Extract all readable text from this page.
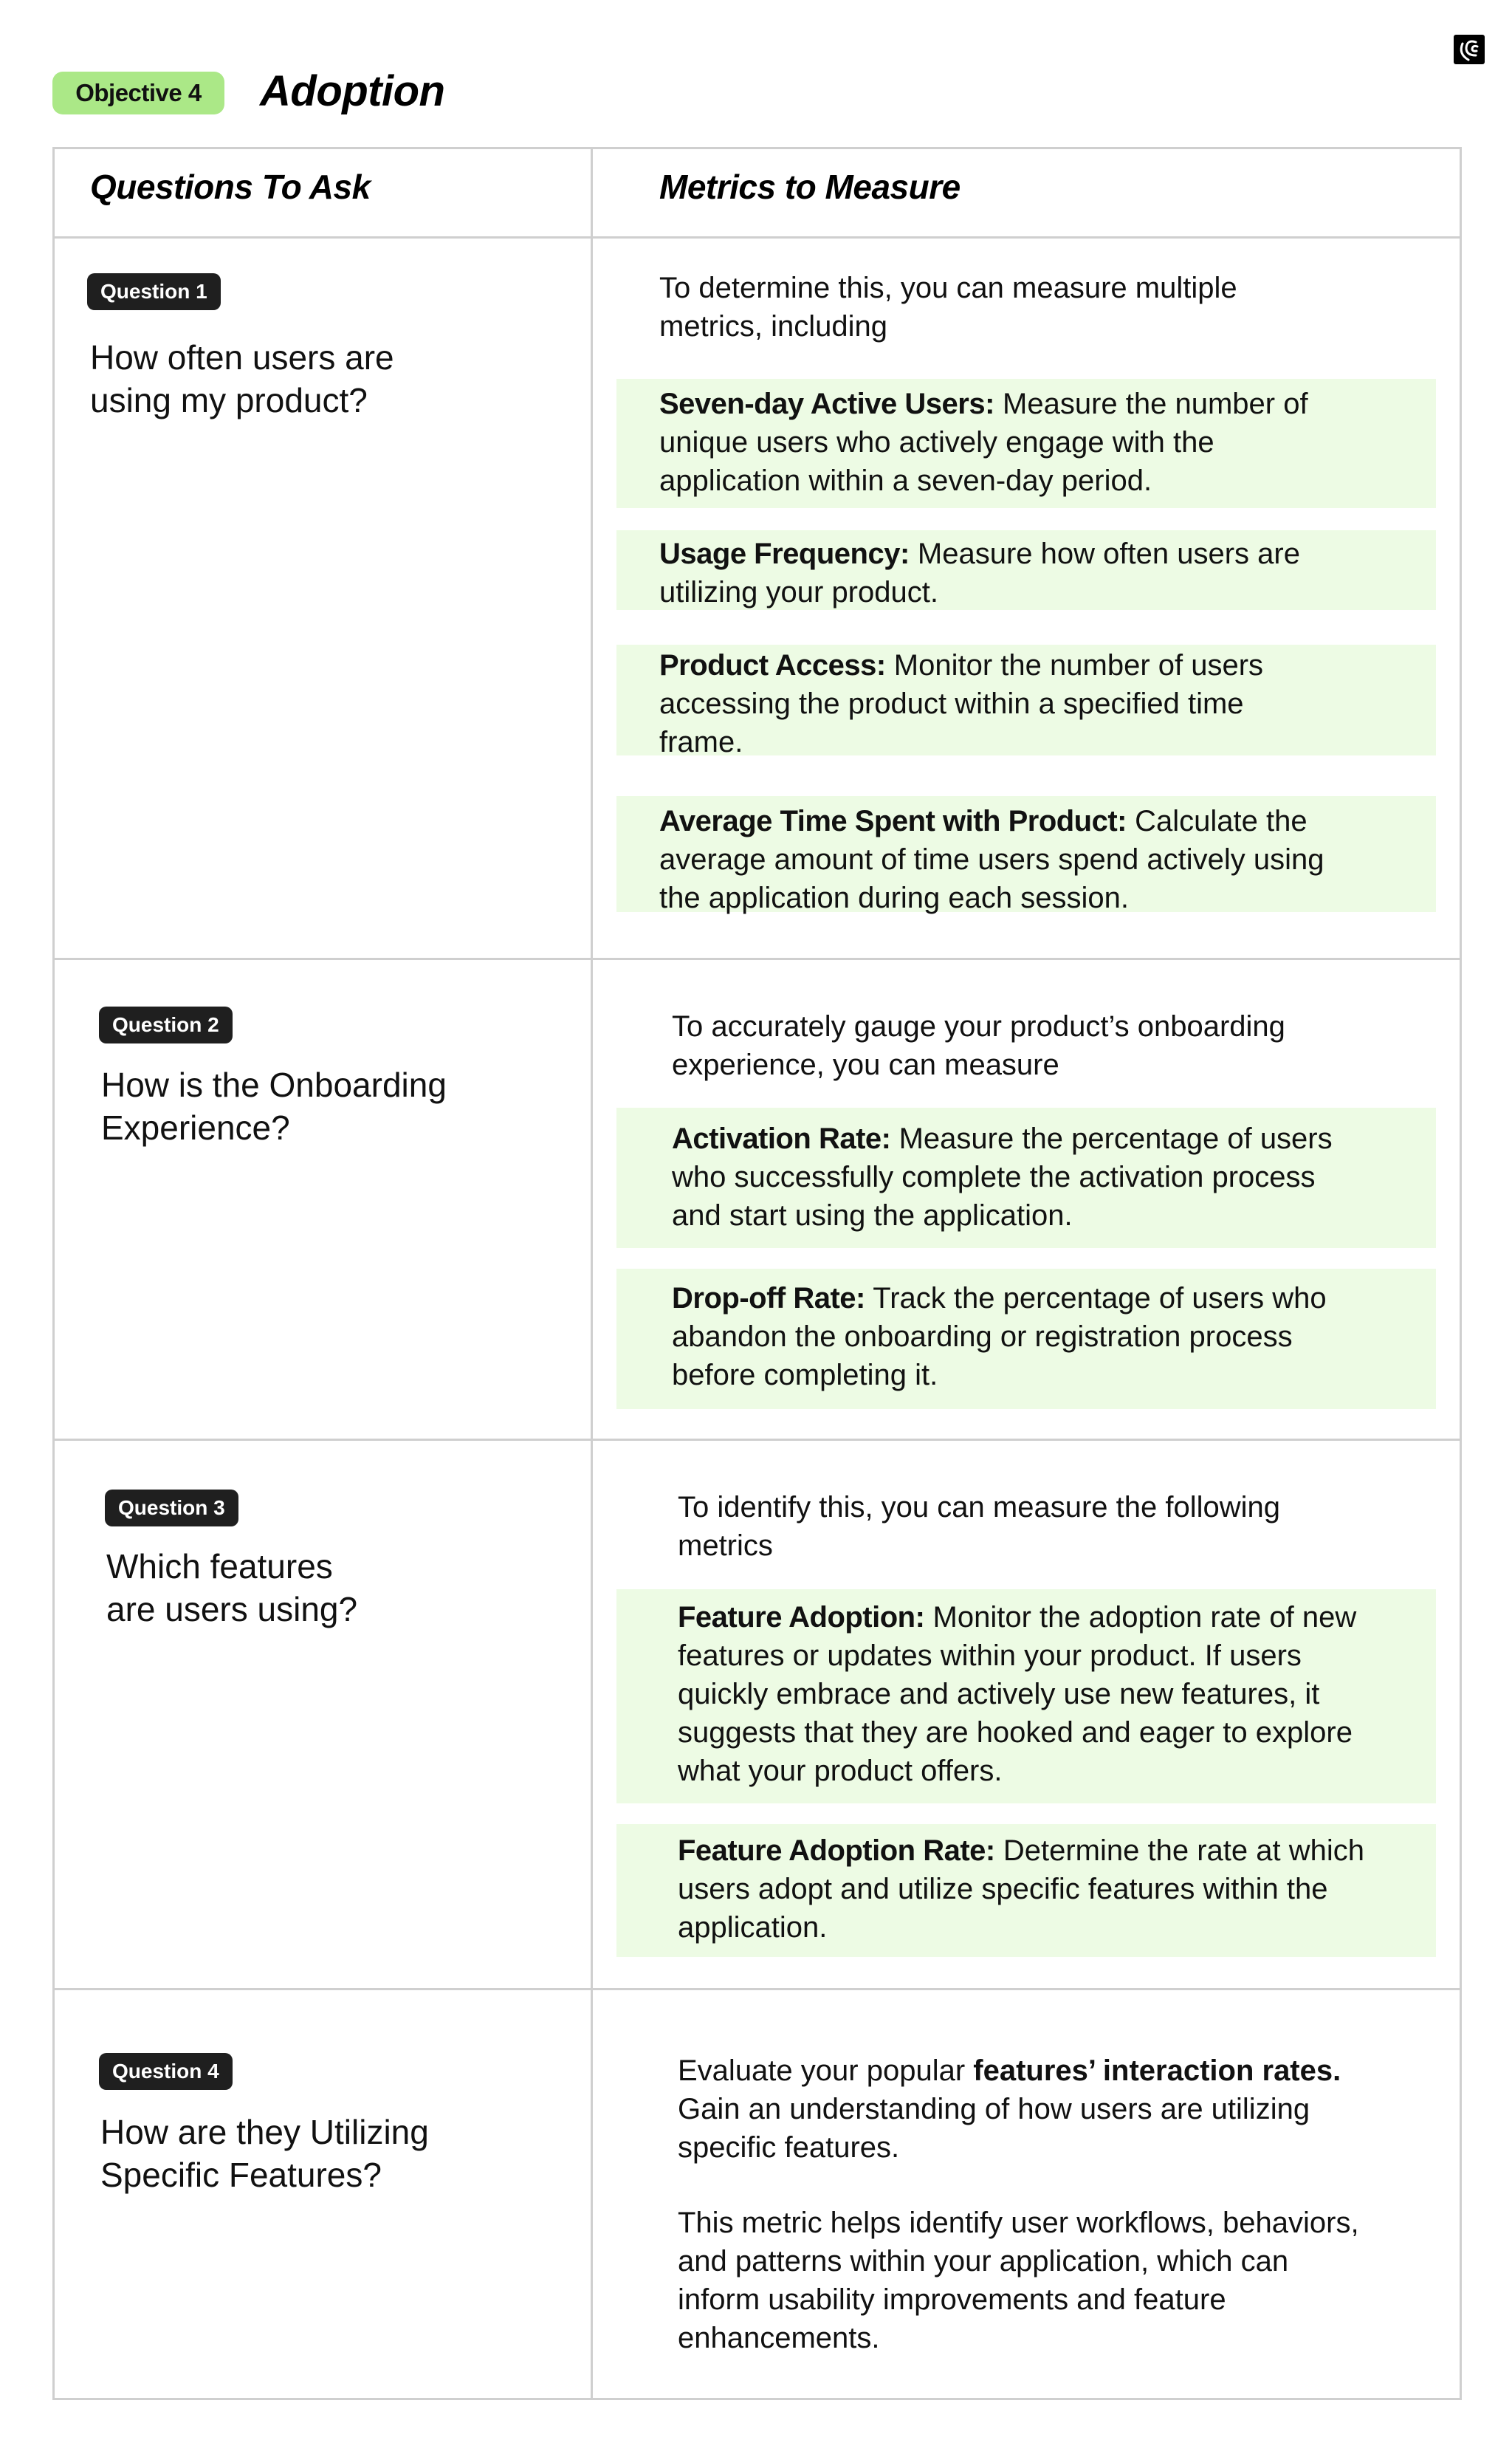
Objective 4	Adoption
Questions To Ask	Metrics to Measure
Question 1
How often users are
using my product?
To determine this, you can measure multiple
metrics, including
Seven-day Active Users: Measure the number of
unique users who actively engage with the
application within a seven-day period.
Usage Frequency: Measure how often users are
utilizing your product.
Product Access: Monitor the number of users
accessing the product within a specified time
frame.
Average Time Spent with Product: Calculate the
average amount of time users spend actively using
the application during each session.
Question 2
How is the Onboarding
Experience?
To accurately gauge your product’s onboarding
experience, you can measure
Activation Rate: Measure the percentage of users
who successfully complete the activation process
and start using the application.
Drop-off Rate: Track the percentage of users who
abandon the onboarding or registration process
before completing it.
Question 3
Which features
are users using?
To identify this, you can measure the following
metrics
Feature Adoption: Monitor the adoption rate of new
features or updates within your product. If users
quickly embrace and actively use new features, it
suggests that they are hooked and eager to explore
what your product offers.
Feature Adoption Rate: Determine the rate at which
users adopt and utilize specific features within the
application.
Question 4
How are they Utilizing
Specific Features?
Evaluate your popular features’ interaction rates.
Gain an understanding of how users are utilizing
specific features.
This metric helps identify user workflows, behaviors,
and patterns within your application, which can
inform usability improvements and feature
enhancements.
